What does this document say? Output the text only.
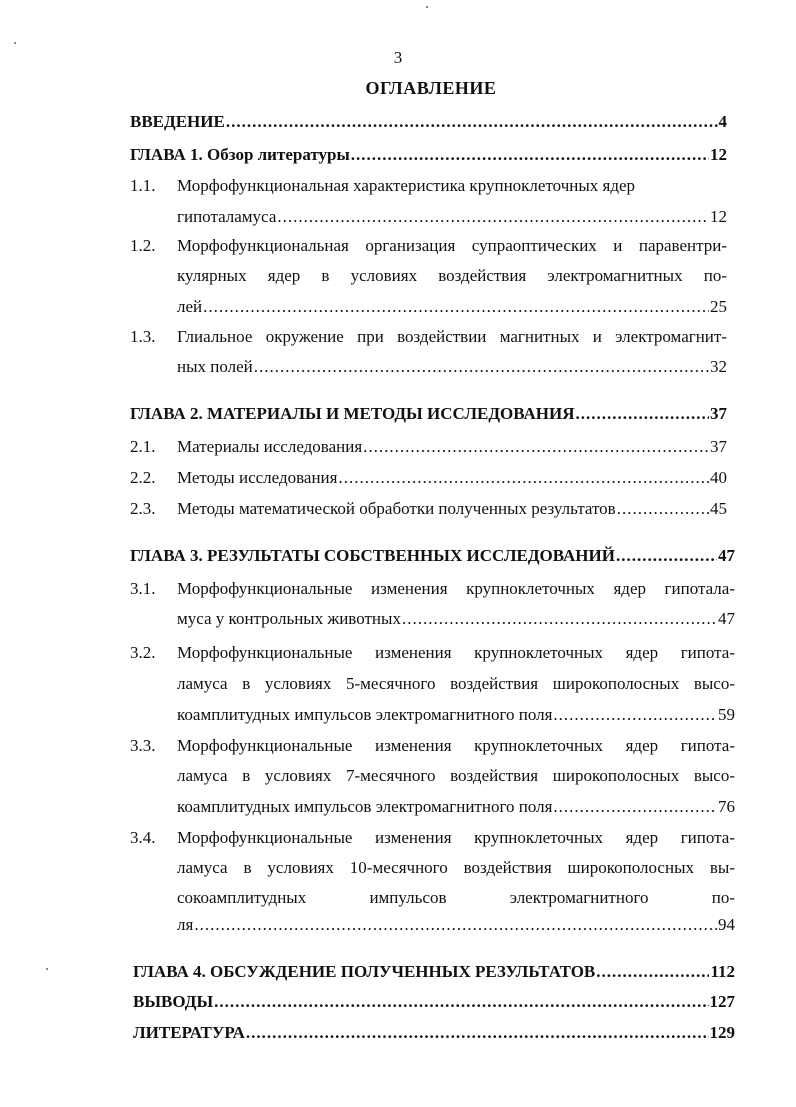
3
ОГЛАВЛЕНИЕ
ВВЕДЕНИЕ .....	4
ГЛАВА 1. Обзор литературы .....	12
1.1. Морфофункциональная характеристика крупноклеточных ядер
гипоталамуса .....	12
1.2. Морфофункциональная организация супраоптических и паравентри-
кулярных ядер в условиях воздействия электромагнитных по-
лей .....	25
1.3. Глиальное окружение при воздействии магнитных и электромагнит-
ных полей .....	32
ГЛАВА 2. МАТЕРИАЛЫ И МЕТОДЫ ИССЛЕДОВАНИЯ .....	37
2.1. Материалы исследования .....	37
2.2. Методы исследования .....	40
2.3. Методы математической обработки полученных результатов .....	45
ГЛАВА 3. РЕЗУЛЬТАТЫ СОБСТВЕННЫХ ИССЛЕДОВАНИЙ .....	47
3.1. Морфофункциональные изменения крупноклеточных ядер гипотала-
муса у контрольных животных .....	47
3.2. Морфофункциональные изменения крупноклеточных ядер гипота-
ламуса в условиях 5-месячного воздействия широкополосных высо-
коамплитудных импульсов электромагнитного поля .....	59
3.3. Морфофункциональные изменения крупноклеточных ядер гипота-
ламуса в условиях 7-месячного воздействия широкополосных высо-
коамплитудных импульсов электромагнитного поля .....	76
3.4. Морфофункциональные изменения крупноклеточных ядер гипота-
ламуса в условиях 10-месячного воздействия широкополосных вы-
сокоамплитудных импульсов электромагнитного по-
ля .....	94
ГЛАВА 4. ОБСУЖДЕНИЕ ПОЛУЧЕННЫХ РЕЗУЛЬТАТОВ .....	112
ВЫВОДЫ .....	127
ЛИТЕРАТУРА .....	129
